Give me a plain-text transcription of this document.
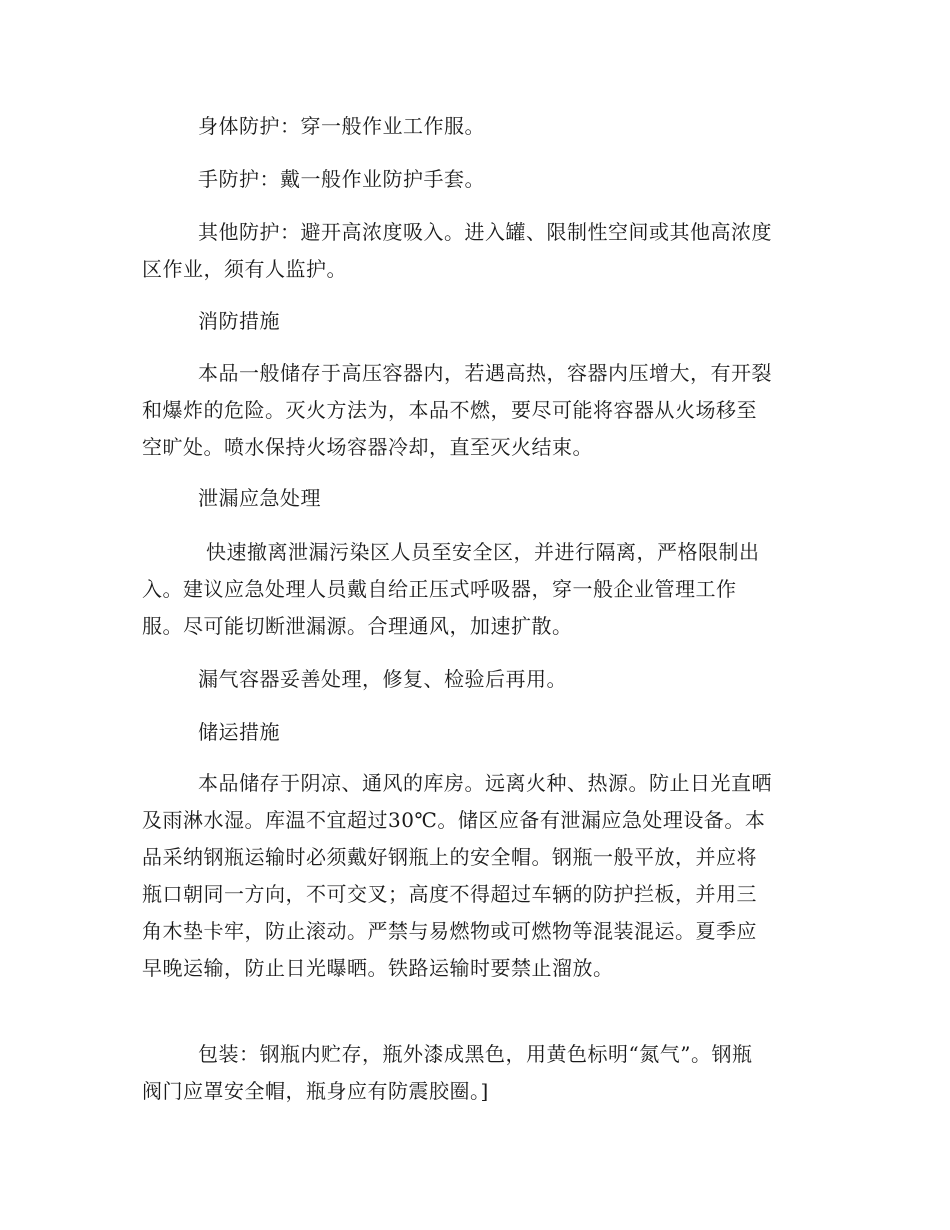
身体防护：穿一般作业工作服。

手防护：戴一般作业防护手套。

其他防护：避开高浓度吸入。进入罐、限制性空间或其他高浓度
区作业，须有人监护。

消防措施

本品一般储存于高压容器内，若遇高热，容器内压增大，有开裂
和爆炸的危险。灭火方法为，本品不燃，要尽可能将容器从火场移至
空旷处。喷水保持火场容器冷却，直至灭火结束。

泄漏应急处理

快速撤离泄漏污染区人员至安全区，并进行隔离，严格限制出
入。建议应急处理人员戴自给正压式呼吸器，穿一般企业管理工作
服。尽可能切断泄漏源。合理通风，加速扩散。

漏气容器妥善处理，修复、检验后再用。

储运措施

本品储存于阴凉、通风的库房。远离火种、热源。防止日光直晒
及雨淋水湿。库温不宜超过30℃。储区应备有泄漏应急处理设备。本
品采纳钢瓶运输时必须戴好钢瓶上的安全帽。钢瓶一般平放，并应将
瓶口朝同一方向，不可交叉；高度不得超过车辆的防护拦板，并用三
角木垫卡牢，防止滚动。严禁与易燃物或可燃物等混装混运。夏季应
早晚运输，防止日光曝晒。铁路运输时要禁止溜放。
包装：钢瓶内贮存，瓶外漆成黑色，用黄色标明“氮气”。钢瓶
阀门应罩安全帽，瓶身应有防震胶圈。]
